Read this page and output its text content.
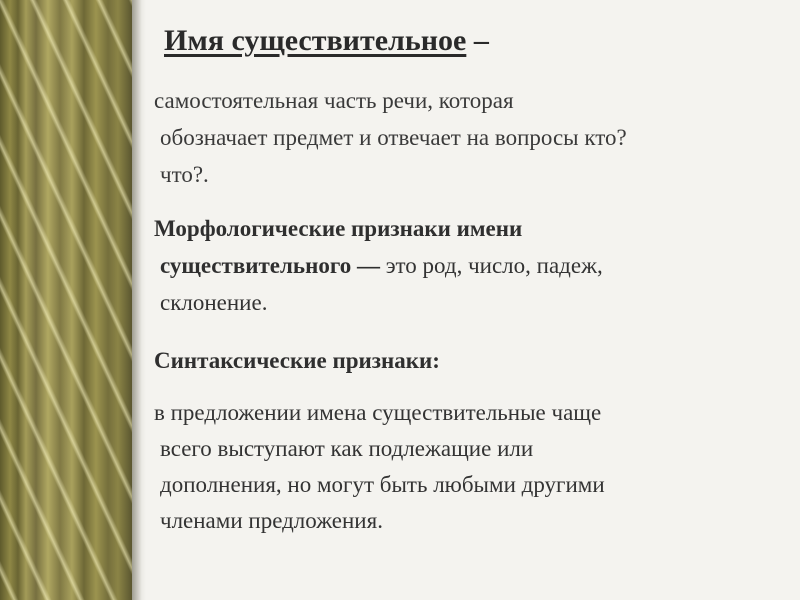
Имя существительное –
самостоятельная часть речи, которая
обозначает предмет и отвечает на вопросы кто?
что?.
Морфологические признаки имени
существительного — это род, число, падеж,
склонение.
Синтаксические признаки:
в предложении имена существительные чаще
всего выступают как подлежащие или
дополнения, но могут быть любыми другими
членами предложения.
